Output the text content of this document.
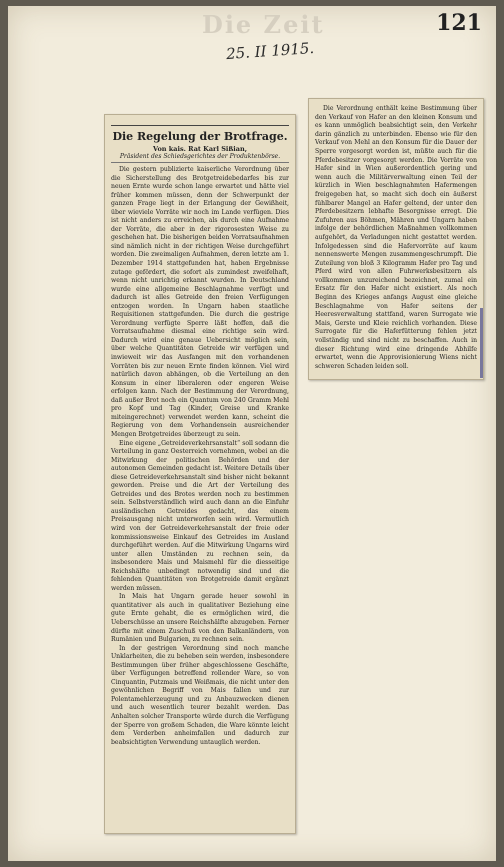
Die Zeit	121
25. II 1915.
Die Regelung der Brotfrage.

Von kais. Rat Karl Sißian,

Präsident des Schiedsgerichtes der Produktenbörse.

Die gestern publizierte kaiserliche Verordnung über die Sicherstellung des Brotgetreidebedarfes bis zur neuen Ernte wurde schon lange erwartet und hätte viel früher kommen müssen, denn der Schwerpunkt der ganzen Frage liegt in der Erlangung der Gewißheit, über wieviele Vorräte wir noch im Lande verfügen. Dies ist nicht anders zu erreichen, als durch eine Aufnahme der Vorräte, die aber in der rigorosesten Weise zu geschehen hat. Die bisherigen beiden Vorratsaufnahmen sind nämlich nicht in der richtigen Weise durchgeführt worden. Die zweimaligen Aufnahmen, deren letzte am 1. Dezember 1914 stattgefunden hat, haben Ergebnisse zutage gefördert, die sofort als zumindest zweifelhaft, wenn nicht unrichtig erkannt wurden. In Deutschland wurde eine allgemeine Beschlagnahme verfügt und dadurch ist alles Getreide den freien Verfügungen entzogen worden. In Ungarn haben staatliche Requisitionen stattgefunden. Die durch die gestrige Verordnung verfügte Sperre läßt hoffen, daß die Vorratsaufnahme diesmal eine richtige sein wird. Dadurch wird eine genaue Uebersicht möglich sein, über welche Quantitäten Getreide wir verfügen und inwieweit wir das Ausfangen mit den vorhandenen Vorräten bis zur neuen Ernte finden können. Viel wird natürlich davon abhängen, ob die Verteilung an den Konsum in einer liberaleren oder engeren Weise erfolgen kann. Nach der Bestimmung der Verordnung, daß außer Brot noch ein Quantum von 240 Gramm Mehl pro Kopf und Tag (Kinder, Greise und Kranke miteingerechnet) verwendet werden kann, scheint die Regierung von dem Vorhandensein ausreichender Mengen Brotgetreides überzeugt zu sein.

Eine eigene „Getreideverkehrsanstalt“ soll sodann die Verteilung in ganz Oesterreich vornehmen, wobei an die Mitwirkung der politischen Behörden und der autonomen Gemeinden gedacht ist. Weitere Details über diese Getreideverkehrsanstalt sind bisher nicht bekannt geworden. Preise und die Art der Verteilung des Getreides und des Brotes werden noch zu bestimmen sein. Selbstverständlich wird auch dann an die Einfuhr ausländischen Getreides gedacht, das einem Preisausgang nicht unterworfen sein wird. Vermutlich wird von der Getreideverkehrsanstalt der freie oder kommissionsweise Einkauf des Getreides im Ausland durchgeführt werden. Auf die Mitwirkung Ungarns wird unter allen Umständen zu rechnen sein, da insbesondere Mais und Maismehl für die diesseitige Reichshälfte unbedingt notwendig sind und die fehlenden Quantitäten von Brotgetreide damit ergänzt werden müssen.

In Mais hat Ungarn gerade heuer sowohl in quantitativer als auch in qualitativer Beziehung eine gute Ernte gehabt, die es ermöglichen wird, die Ueberschüsse an unsere Reichshälfte abzugeben. Ferner dürfte mit einem Zuschuß von den Balkanländern, von Rumänien und Bulgarien, zu rechnen sein.

In der gestrigen Verordnung sind noch manche Unklarheiten, die zu beheben sein werden, insbesondere Bestimmungen über früher abgeschlossene Geschäfte, über Verfügungen betreffend rollender Ware, so von Cinquantin, Putzmais und Weißmais, die nicht unter den gewöhnlichen Begriff von Mais fallen und zur Polentamehlerzeugung und zu Anbauzwecken dienen und auch wesentlich teurer bezahlt werden. Das Anhalten solcher Transporte würde durch die Verfügung der Sperre von großem Schaden, die Ware könnte leicht dem Verderben anheimfallen und dadurch zur beabsichtigten Verwendung untauglich werden.

Die Verordnung enthält keine Bestimmung über den Verkauf von Hafer an den kleinen Konsum und es kann unmöglich beabsichtigt sein, den Verkehr darin gänzlich zu unterbinden. Ebenso wie für den Verkauf von Mehl an den Konsum für die Dauer der Sperre vorgesorgt worden ist, müßte auch für die Pferdebesitzer vorgesorgt werden. Die Vorräte von Hafer sind in Wien außerordentlich gering und wenn auch die Militärverwaltung einen Teil der kürzlich in Wien beschlagnahmten Hafermengen freigegeben hat, so macht sich doch ein äußerst fühlbarer Mangel an Hafer geltend, der unter den Pferdebesitzern lebhafte Besorgnisse erregt. Die Zufuhren aus Böhmen, Mähren und Ungarn haben infolge der behördlichen Maßnahmen vollkommen aufgehört, da Verladungen nicht gestattet werden. Infolgedessen sind die Hafervorräte auf kaum nennenswerte Mengen zusammengeschrumpft. Die Zuteilung von bloß 3 Kilogramm Hafer pro Tag und Pferd wird von allen Fuhrwerksbesitzern als vollkommen unzureichend bezeichnet, zumal ein Ersatz für den Hafer nicht existiert. Als noch Beginn des Krieges anfangs August eine gleiche Beschlagnahme von Hafer seitens der Heeresverwaltung stattfand, waren Surrogate wie Mais, Gerste und Kleie reichlich vorhanden. Diese Surrogate für die Haferfütterung fehlen jetzt vollständig und sind nicht zu beschaffen. Auch in dieser Richtung wird eine dringende Abhilfe erwartet, wenn die Approvisionierung Wiens nicht schweren Schaden leiden soll.
